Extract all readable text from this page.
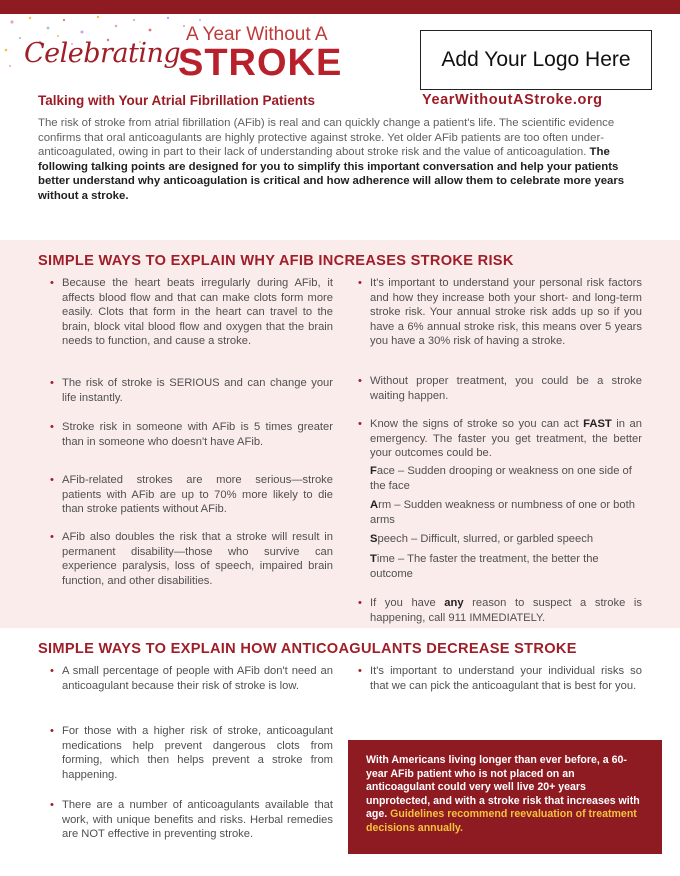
Celebrating
A Year Without A
STROKE	Add Your Logo Here
Talking with Your Atrial Fibrillation Patients	YearWithoutAStroke.org
The risk of stroke from atrial fibrillation (AFib) is real and can quickly change a patient's life. The scientific evidence confirms that oral anticoagulants are highly protective against stroke. Yet older AFib patients are too often under-anticoagulated, owing in part to their lack of understanding about stroke risk and the value of anticoagulation. The following talking points are designed for you to simplify this important conversation and help your patients better understand why anticoagulation is critical and how adherence will allow them to celebrate more years without a stroke.
SIMPLE WAYS TO EXPLAIN WHY AFIB INCREASES STROKE RISK
• Because the heart beats irregularly during AFib, it affects blood flow and that can make clots form more easily. Clots that form in the heart can travel to the brain, block vital blood flow and oxygen that the brain needs to function, and cause a stroke.
• The risk of stroke is SERIOUS and can change your life instantly.
• Stroke risk in someone with AFib is 5 times greater than in someone who doesn't have AFib.
• AFib-related strokes are more serious—stroke patients with AFib are up to 70% more likely to die than stroke patients without AFib.
• AFib also doubles the risk that a stroke will result in permanent disability—those who survive can experience paralysis, loss of speech, impaired brain function, and other disabilities.
• It's important to understand your personal risk factors and how they increase both your short- and long-term stroke risk. Your annual stroke risk adds up so if you have a 6% annual stroke risk, this means over 5 years you have a 30% risk of having a stroke.
• Without proper treatment, you could be a stroke waiting happen.
• Know the signs of stroke so you can act FAST in an emergency. The faster you get treatment, the better your outcomes could be.
Face – Sudden drooping or weakness on one side of the face
Arm – Sudden weakness or numbness of one or both arms
Speech – Difficult, slurred, or garbled speech
Time – The faster the treatment, the better the outcome
• If you have any reason to suspect a stroke is happening, call 911 IMMEDIATELY.
SIMPLE WAYS TO EXPLAIN HOW ANTICOAGULANTS DECREASE STROKE
• A small percentage of people with AFib don't need an anticoagulant because their risk of stroke is low.
• For those with a higher risk of stroke, anticoagulant medications help prevent dangerous clots from forming, which then helps prevent a stroke from happening.
• There are a number of anticoagulants available that work, with unique benefits and risks. Herbal remedies are NOT effective in preventing stroke.
• It's important to understand your individual risks so that we can pick the anticoagulant that is best for you.
With Americans living longer than ever before, a 60-year AFib patient who is not placed on an anticoagulant could very well live 20+ years unprotected, and with a stroke risk that increases with age. Guidelines recommend reevaluation of treatment decisions annually.
